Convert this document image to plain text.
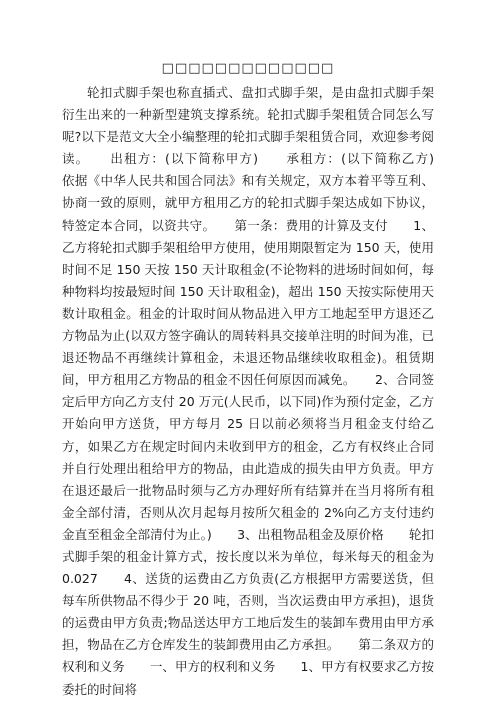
□□□□□□□□□□□□□

轮扣式脚手架也称直插式、盘扣式脚手架，是由盘扣式脚手架衍生出来的一种新型建筑支撑系统。轮扣式脚手架租赁合同怎么写呢?以下是范文大全小编整理的轮扣式脚手架租赁合同，欢迎参考阅读。　　出租方：(以下简称甲方)　　承租方：(以下简称乙方)　　依据《中华人民共和国合同法》和有关规定，双方本着平等互利、协商一致的原则，就甲方租用乙方的轮扣式脚手架达成如下协议，特签定本合同，以资共守。　　第一条：费用的计算及支付　　1、乙方将轮扣式脚手架租给甲方使用，使用期限暂定为 150 天，使用时间不足 150 天按 150 天计取租金(不论物料的进场时间如何，每种物料均按最短时间 150 天计取租金)，超出 150 天按实际使用天数计取租金。租金的计取时间从物品进入甲方工地起至甲方退还乙方物品为止(以双方签字确认的周转料具交接单注明的时间为准，已退还物品不再继续计算租金，未退还物品继续收取租金)。租赁期间，甲方租用乙方物品的租金不因任何原因而减免。　　2、合同签定后甲方向乙方支付 20 万元(人民币，以下同)作为预付定金，乙方开始向甲方送货，甲方每月 25 日以前必须将当月租金支付给乙方，如果乙方在规定时间内未收到甲方的租金，乙方有权终止合同并自行处理出租给甲方的物品，由此造成的损失由甲方负责。甲方在退还最后一批物品时须与乙方办理好所有结算并在当月将所有租金全部付清，否则从次月起每月按所欠租金的 2%向乙方支付违约金直至租金全部清付为止。)　　3、出租物品租金及原价格　　轮扣式脚手架的租金计算方式，按长度以米为单位，每米每天的租金为 0.027　　4、送货的运费由乙方负责(乙方根据甲方需要送货，但每车所供物品不得少于 20 吨，否则，当次运费由甲方承担)，退货的运费由甲方负责;物品送达甲方工地后发生的装卸车费用由甲方承担，物品在乙方仓库发生的装卸费用由乙方承担。　　第二条双方的权利和义务　　一、甲方的权利和义务　　1、甲方有权要求乙方按委托的时间将
